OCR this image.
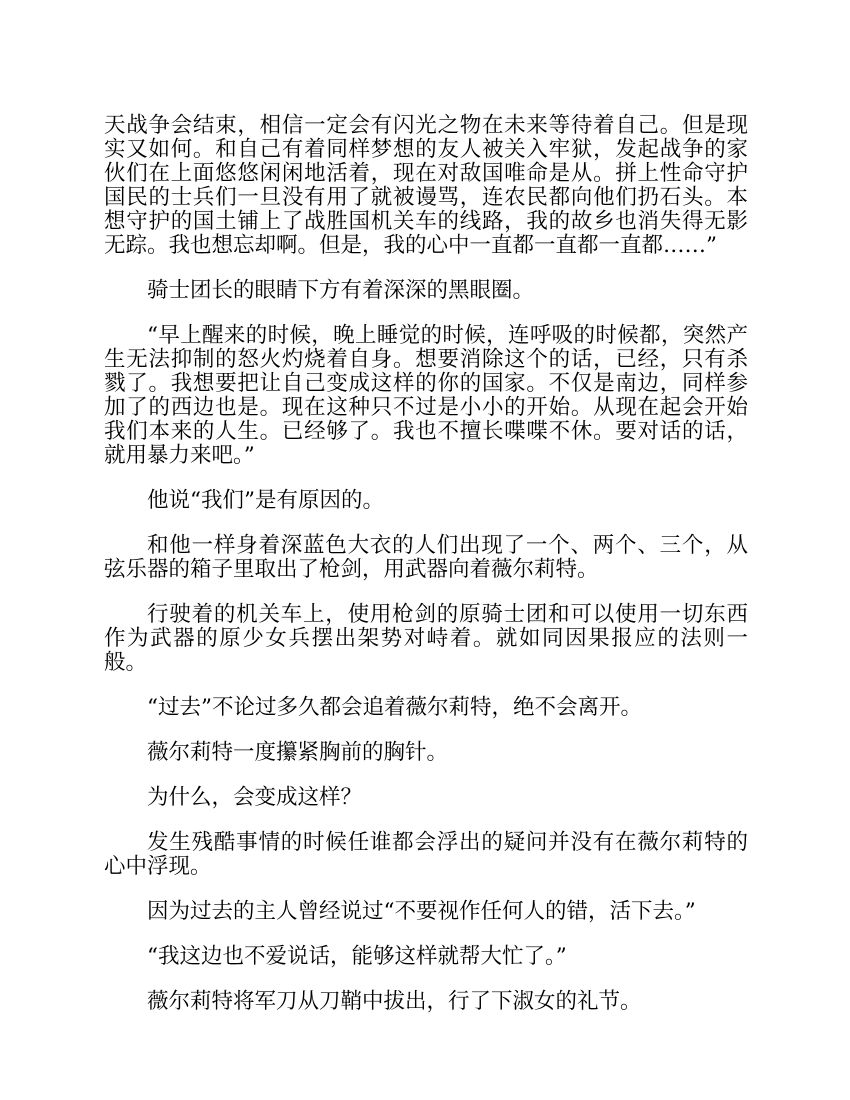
天战争会结束，相信一定会有闪光之物在未来等待着自己。但是现实又如何。和自己有着同样梦想的友人被关入牢狱，发起战争的家伙们在上面悠悠闲闲地活着，现在对敌国唯命是从。拼上性命守护国民的士兵们一旦没有用了就被谩骂，连农民都向他们扔石头。本想守护的国土铺上了战胜国机关车的线路，我的故乡也消失得无影无踪。我也想忘却啊。但是，我的心中一直都一直都一直都……”

骑士团长的眼睛下方有着深深的黑眼圈。

“早上醒来的时候，晚上睡觉的时候，连呼吸的时候都，突然产生无法抑制的怒火灼烧着自身。想要消除这个的话，已经，只有杀戮了。我想要把让自己变成这样的你的国家。不仅是南边，同样参加了的西边也是。现在这种只不过是小小的开始。从现在起会开始我们本来的人生。已经够了。我也不擅长喋喋不休。要对话的话，就用暴力来吧。”

他说“我们”是有原因的。

和他一样身着深蓝色大衣的人们出现了一个、两个、三个，从弦乐器的箱子里取出了枪剑，用武器向着薇尔莉特。

行驶着的机关车上，使用枪剑的原骑士团和可以使用一切东西作为武器的原少女兵摆出架势对峙着。就如同因果报应的法则一般。

“过去”不论过多久都会追着薇尔莉特，绝不会离开。

薇尔莉特一度攥紧胸前的胸针。

为什么，会变成这样？

发生残酷事情的时候任谁都会浮出的疑问并没有在薇尔莉特的心中浮现。

因为过去的主人曾经说过“不要视作任何人的错，活下去。”

“我这边也不爱说话，能够这样就帮大忙了。”

薇尔莉特将军刀从刀鞘中拔出，行了下淑女的礼节。
